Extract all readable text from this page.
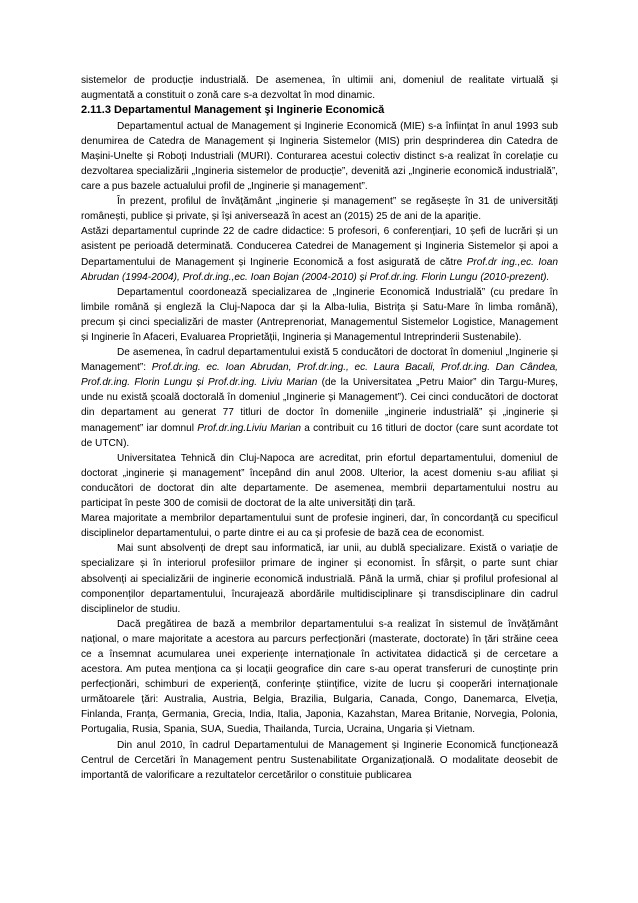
sistemelor de producție industrială. De asemenea, în ultimii ani, domeniul de realitate virtuală și augmentată a constituit o zonă care s-a dezvoltat în mod dinamic.

2.11.3 Departamentul Management şi Inginerie Economică

Departamentul actual de Management și Inginerie Economică (MIE) s-a înființat în anul 1993 sub denumirea de Catedra de Management și Ingineria Sistemelor (MIS) prin desprinderea din Catedra de Mașini-Unelte și Roboți Industriali (MURI). Conturarea acestui colectiv distinct s-a realizat în corelație cu dezvoltarea specializării „Ingineria sistemelor de producție”, devenită azi „Inginerie economică industrială”, care a pus bazele actualului profil de „Inginerie și management”.

În prezent, profilul de învățământ „inginerie și management” se regăsește în 31 de universități românești, publice și private, și își aniversează în acest an (2015) 25 de ani de la apariție.

Astăzi departamentul cuprinde 22 de cadre didactice: 5 profesori, 6 conferențiari, 10 șefi de lucrări și un asistent pe perioadă determinată. Conducerea Catedrei de Management și Ingineria Sistemelor și apoi a Departamentului de Management și Inginerie Economică a fost asigurată de către Prof.dr ing.,ec. Ioan Abrudan (1994-2004), Prof.dr.ing.,ec. Ioan Bojan (2004-2010) și Prof.dr.ing. Florin Lungu (2010-prezent).

Departamentul coordonează specializarea de „Inginerie Economică Industrială” (cu predare în limbile română și engleză la Cluj-Napoca dar și la Alba-Iulia, Bistrița și Satu-Mare în limba română), precum și cinci specializări de master (Antreprenoriat, Managementul Sistemelor Logistice, Management și Inginerie în Afaceri, Evaluarea Proprietății, Ingineria și Managementul Intreprinderii Sustenabile).

De asemenea, în cadrul departamentului există 5 conducători de doctorat în domeniul „Inginerie și Management”: Prof.dr.ing. ec. Ioan Abrudan, Prof.dr.ing., ec. Laura Bacali, Prof.dr.ing. Dan Cândea, Prof.dr.ing. Florin Lungu și Prof.dr.ing. Liviu Marian (de la Universitatea „Petru Maior” din Targu-Mureș, unde nu există școală doctorală în domeniul „Inginerie și Management”). Cei cinci conducători de doctorat din departament au generat 77 titluri de doctor în domeniile „inginerie industrială” și „inginerie și management” iar domnul Prof.dr.ing.Liviu Marian a contribuit cu 16 titluri de doctor (care sunt acordate tot de UTCN).

Universitatea Tehnică din Cluj-Napoca are acreditat, prin efortul departamentului, domeniul de doctorat „inginerie și management” începând din anul 2008. Ulterior, la acest domeniu s-au afiliat și conducători de doctorat din alte departamente. De asemenea, membrii departamentului nostru au participat în peste 300 de comisii de doctorat de la alte universități din țară.

Marea majoritate a membrilor departamentului sunt de profesie ingineri, dar, în concordanță cu specificul disciplinelor departamentului, o parte dintre ei au ca și profesie de bază cea de economist.

Mai sunt absolvenți de drept sau informatică, iar unii, au dublă specializare. Există o variație de specializare și în interiorul profesiilor primare de inginer și economist. În sfârșit, o parte sunt chiar absolvenți ai specializării de inginerie economică industrială. Până la urmă, chiar și profilul profesional al componenților departamentului, încurajează abordările multidisciplinare și transdisciplinare din cadrul disciplinelor de studiu.

Dacă pregătirea de bază a membrilor departamentului s-a realizat în sistemul de învățământ național, o mare majoritate a acestora au parcurs perfecționări (masterate, doctorate) în țări străine ceea ce a însemnat acumularea unei experiențe internaționale în activitatea didactică și de cercetare a acestora. Am putea menționa ca și locații geografice din care s-au operat transferuri de cunoștințe prin perfecționări, schimburi de experiență, conferințe științifice, vizite de lucru și cooperări internaționale următoarele țări: Australia, Austria, Belgia, Brazilia, Bulgaria, Canada, Congo, Danemarca, Elveția, Finlanda, Franța, Germania, Grecia, India, Italia, Japonia, Kazahstan, Marea Britanie, Norvegia, Polonia, Portugalia, Rusia, Spania, SUA, Suedia, Thailanda, Turcia, Ucraina, Ungaria și Vietnam.

Din anul 2010, în cadrul Departamentului de Management și Inginerie Economică funcționează Centrul de Cercetări în Management pentru Sustenabilitate Organizațională. O modalitate deosebit de importantă de valorificare a rezultatelor cercetărilor o constituie publicarea
